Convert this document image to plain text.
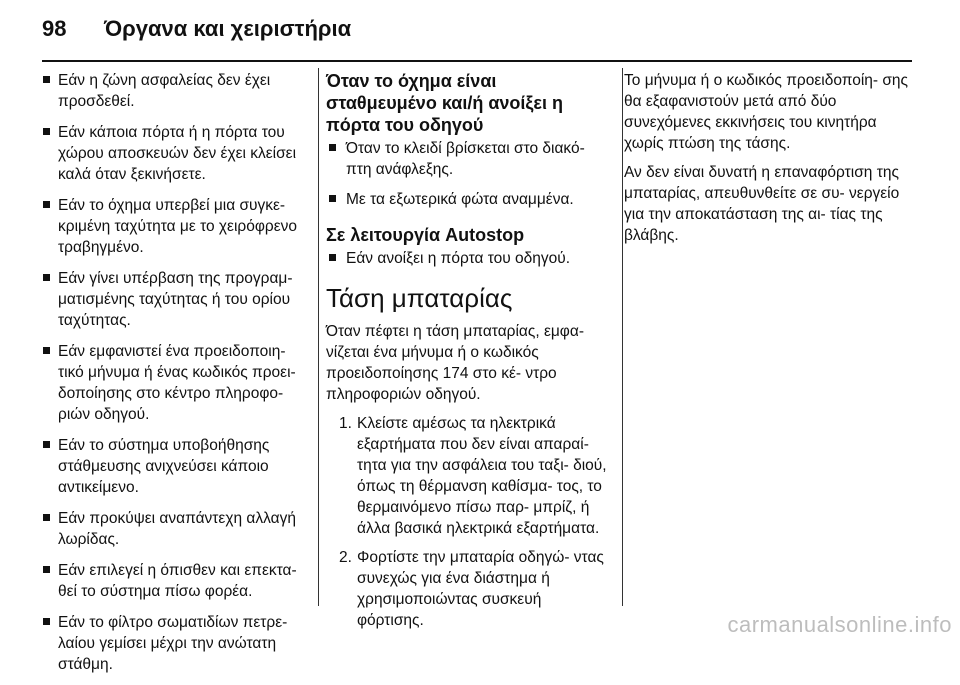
98 Όργανα και χειριστήρια
Εάν η ζώνη ασφαλείας δεν έχει προσδεθεί.
Εάν κάποια πόρτα ή η πόρτα του χώρου αποσκευών δεν έχει κλείσει καλά όταν ξεκινήσετε.
Εάν το όχημα υπερβεί μια συγκε- κριμένη ταχύτητα με το χειρόφρενο τραβηγμένο.
Εάν γίνει υπέρβαση της προγραμ- ματισμένης ταχύτητας ή του ορίου ταχύτητας.
Εάν εμφανιστεί ένα προειδοποιη- τικό μήνυμα ή ένας κωδικός προει- δοποίησης στο κέντρο πληροφο- ριών οδηγού.
Εάν το σύστημα υποβοήθησης στάθμευσης ανιχνεύσει κάποιο αντικείμενο.
Εάν προκύψει αναπάντεχη αλλαγή λωρίδας.
Εάν επιλεγεί η όπισθεν και επεκτα- θεί το σύστημα πίσω φορέα.
Εάν το φίλτρο σωματιδίων πετρε- λαίου γεμίσει μέχρι την ανώτατη στάθμη.
Όταν το όχημα είναι σταθμευμένο και/ή ανοίξει η πόρτα του οδηγού
Όταν το κλειδί βρίσκεται στο διακό- πτη ανάφλεξης.
Με τα εξωτερικά φώτα αναμμένα.
Σε λειτουργία Autostop
Εάν ανοίξει η πόρτα του οδηγού.
Τάση μπαταρίας

Όταν πέφτει η τάση μπαταρίας, εμφα- νίζεται ένα μήνυμα ή ο κωδικός προειδοποίησης 174 στο κέ- ντρο πληροφοριών οδηγού.

1. Κλείστε αμέσως τα ηλεκτρικά εξαρτήματα που δεν είναι απαραί- τητα για την ασφάλεια του ταξι- διού, όπως τη θέρμανση καθίσμα- τος, το θερμαινόμενο πίσω παρ- μπρίζ, ή άλλα βασικά ηλεκτρικά εξαρτήματα.
2. Φορτίστε την μπαταρία οδηγώ- ντας συνεχώς για ένα διάστημα ή χρησιμοποιώντας συσκευή φόρτισης.

Το μήνυμα ή ο κωδικός προειδοποίη- σης θα εξαφανιστούν μετά από δύο συνεχόμενες εκκινήσεις του κινητήρα χωρίς πτώση της τάσης.

Αν δεν είναι δυνατή η επαναφόρτιση της μπαταρίας, απευθυνθείτε σε συ- νεργείο για την αποκατάσταση της αι- τίας της βλάβης.

carmanualsonline.info
